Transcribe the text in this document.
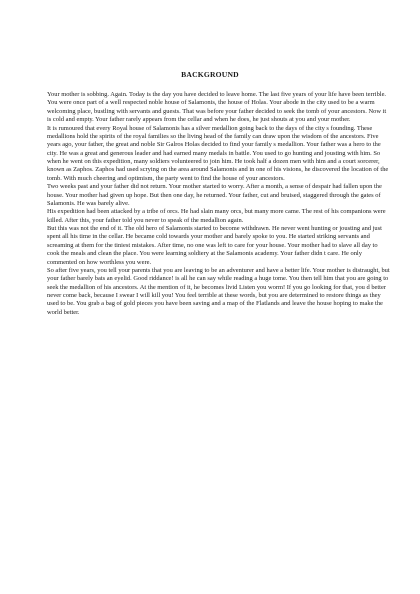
BACKGROUND

Your mother is sobbing. Again. Today is the day you have decided to leave home. The last five years of your life have been terrible. You were once part of a well respected noble house of Salamonis, the house of Holas. Your abode in the city used to be a warm welcoming place, bustling with servants and guests. That was before your father decided to seek the tomb of your ancestors. Now it is cold and empty. Your father rarely appears from the cellar and when he does, he just shouts at you and your mother.

It is rumoured that every Royal house of Salamonis has a silver medallion going back to the days of the city s founding. These medallions hold the spirits of the royal families so the living head of the family can draw upon the wisdom of the ancestors. Five years ago, your father, the great and noble Sir Galros Holas decided to find your family s medallion. Your father was a hero to the city. He was a great and generous leader and had earned many medals in battle. You used to go hunting and jousting with him. So when he went on this expedition, many soldiers volunteered to join him. He took half a dozen men with him and a court sorcerer, known as Zaphos. Zaphos had used scrying on the area around Salamonis and in one of his visions, he discovered the location of the tomb. With much cheering and optimism, the party went to find the house of your ancestors.

Two weeks past and your father did not return. Your mother started to worry. After a month, a sense of despair had fallen upon the house. Your mother had given up hope. But then one day, he returned. Your father, cut and bruised, staggered through the gates of Salamonis. He was barely alive.

His expedition had been attacked by a tribe of orcs. He had slain many orcs, but many more came. The rest of his companions were killed. After this, your father told you never to speak of the medallion again.

But this was not the end of it. The old hero of Salamonis started to become withdrawn. He never went hunting or jousting and just spent all his time in the cellar. He became cold towards your mother and barely spoke to you. He started striking servants and screaming at them for the tiniest mistakes. After time, no one was left to care for your house. Your mother had to slave all day to cook the meals and clean the place. You were learning soldiery at the Salamonis academy. Your father didn t care. He only commented on how worthless you were.

So after five years, you tell your parents that you are leaving to be an adventurer and have a better life. Your mother is distraught, but your father barely bats an eyelid. Good riddance! is all he can say while reading a huge tome. You then tell him that you are going to seek the medallion of his ancestors. At the mention of it, he becomes livid Listen you worm! If you go looking for that, you d better never come back, because I swear I will kill you! You feel terrible at these words, but you are determined to restore things as they used to be. You grab a bag of gold pieces you have been saving and a map of the Flatlands and leave the house hoping to make the world better.
